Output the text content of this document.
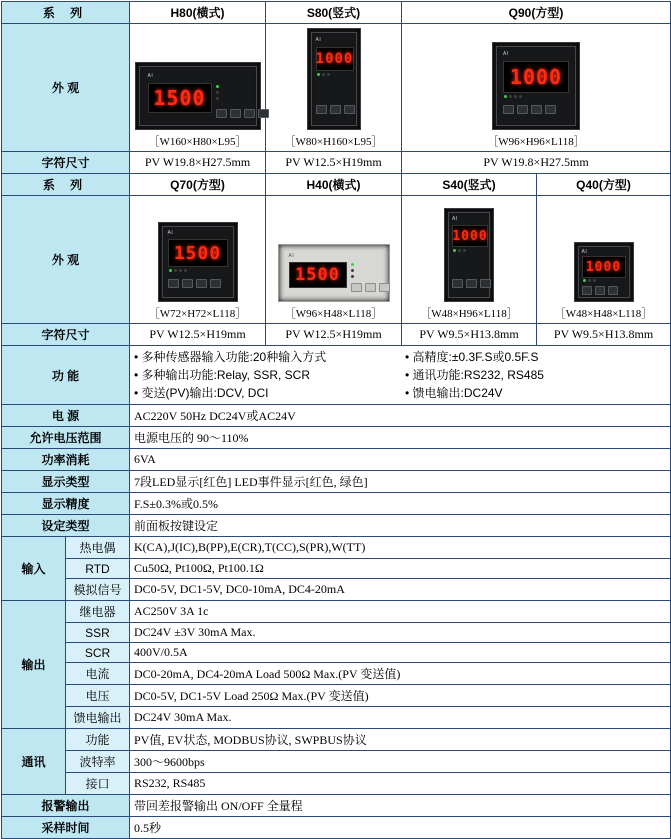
系 列		H80(横式)	S80(竖式)	Q90(方型)	
外 观	
AI
1500
［W160×H80×L95］

AI
1000
［W80×H160×L95］

AI
1000
［W96×H96×L118］

字符尺寸		PV W19.8×H27.5mm	PV W12.5×H19mm	PV W19.8×H27.5mm	
系 列		Q70(方型)	H40(横式)	S40(竖式)	Q40(方型)
外 观	
AI
1500
［W72×H72×L118］

AI
1500
［W96×H48×L118］

AI
1000
［W48×H96×L118］

AI
1000
［W48×H48×L118］

字符尺寸		PV W12.5×H19mm	PV W12.5×H19mm	PV W9.5×H13.8mm	PV W9.5×H13.8mm
功 能	
• 多种传感器输入功能:20种输入方式
• 多种输出功能:Relay, SSR, SCR
• 变送(PV)输出:DCV, DCI
• 高精度:±0.3F.S或0.5F.S
• 通讯功能:RS232, RS485
• 馈电输出:DC24V

电 源		AC220V 50Hz DC24V或AC24V			
允许电压范围		电源电压的 90～110%			
功率消耗		6VA			
显示类型		7段LED显示[红色] LED事件显示[红色, 绿色]			
显示精度		F.S±0.3%或0.5%			
设定类型		前面板按键设定			
输入	热电偶	K(CA),J(IC),B(PP),E(CR),T(CC),S(PR),W(TT)			
	RTD	Cu50Ω, Pt100Ω, Pt100.1Ω			
	模拟信号	DC0-5V, DC1-5V, DC0-10mA, DC4-20mA			
输出	继电器	AC250V 3A 1c			
	SSR	DC24V ±3V 30mA Max.			
	SCR	400V/0.5A			
	电流	DC0-20mA, DC4-20mA Load 500Ω Max.(PV 变送值)			
	电压	DC0-5V, DC1-5V Load 250Ω Max.(PV 变送值)			
	馈电输出	DC24V 30mA Max.			
通讯	功能	PV值, EV状态, MODBUS协议, SWPBUS协议			
	波特率	300～9600bps			
	接口	RS232, RS485			
报警输出		带回差报警输出 ON/OFF 全量程			
采样时间		0.5秒			
